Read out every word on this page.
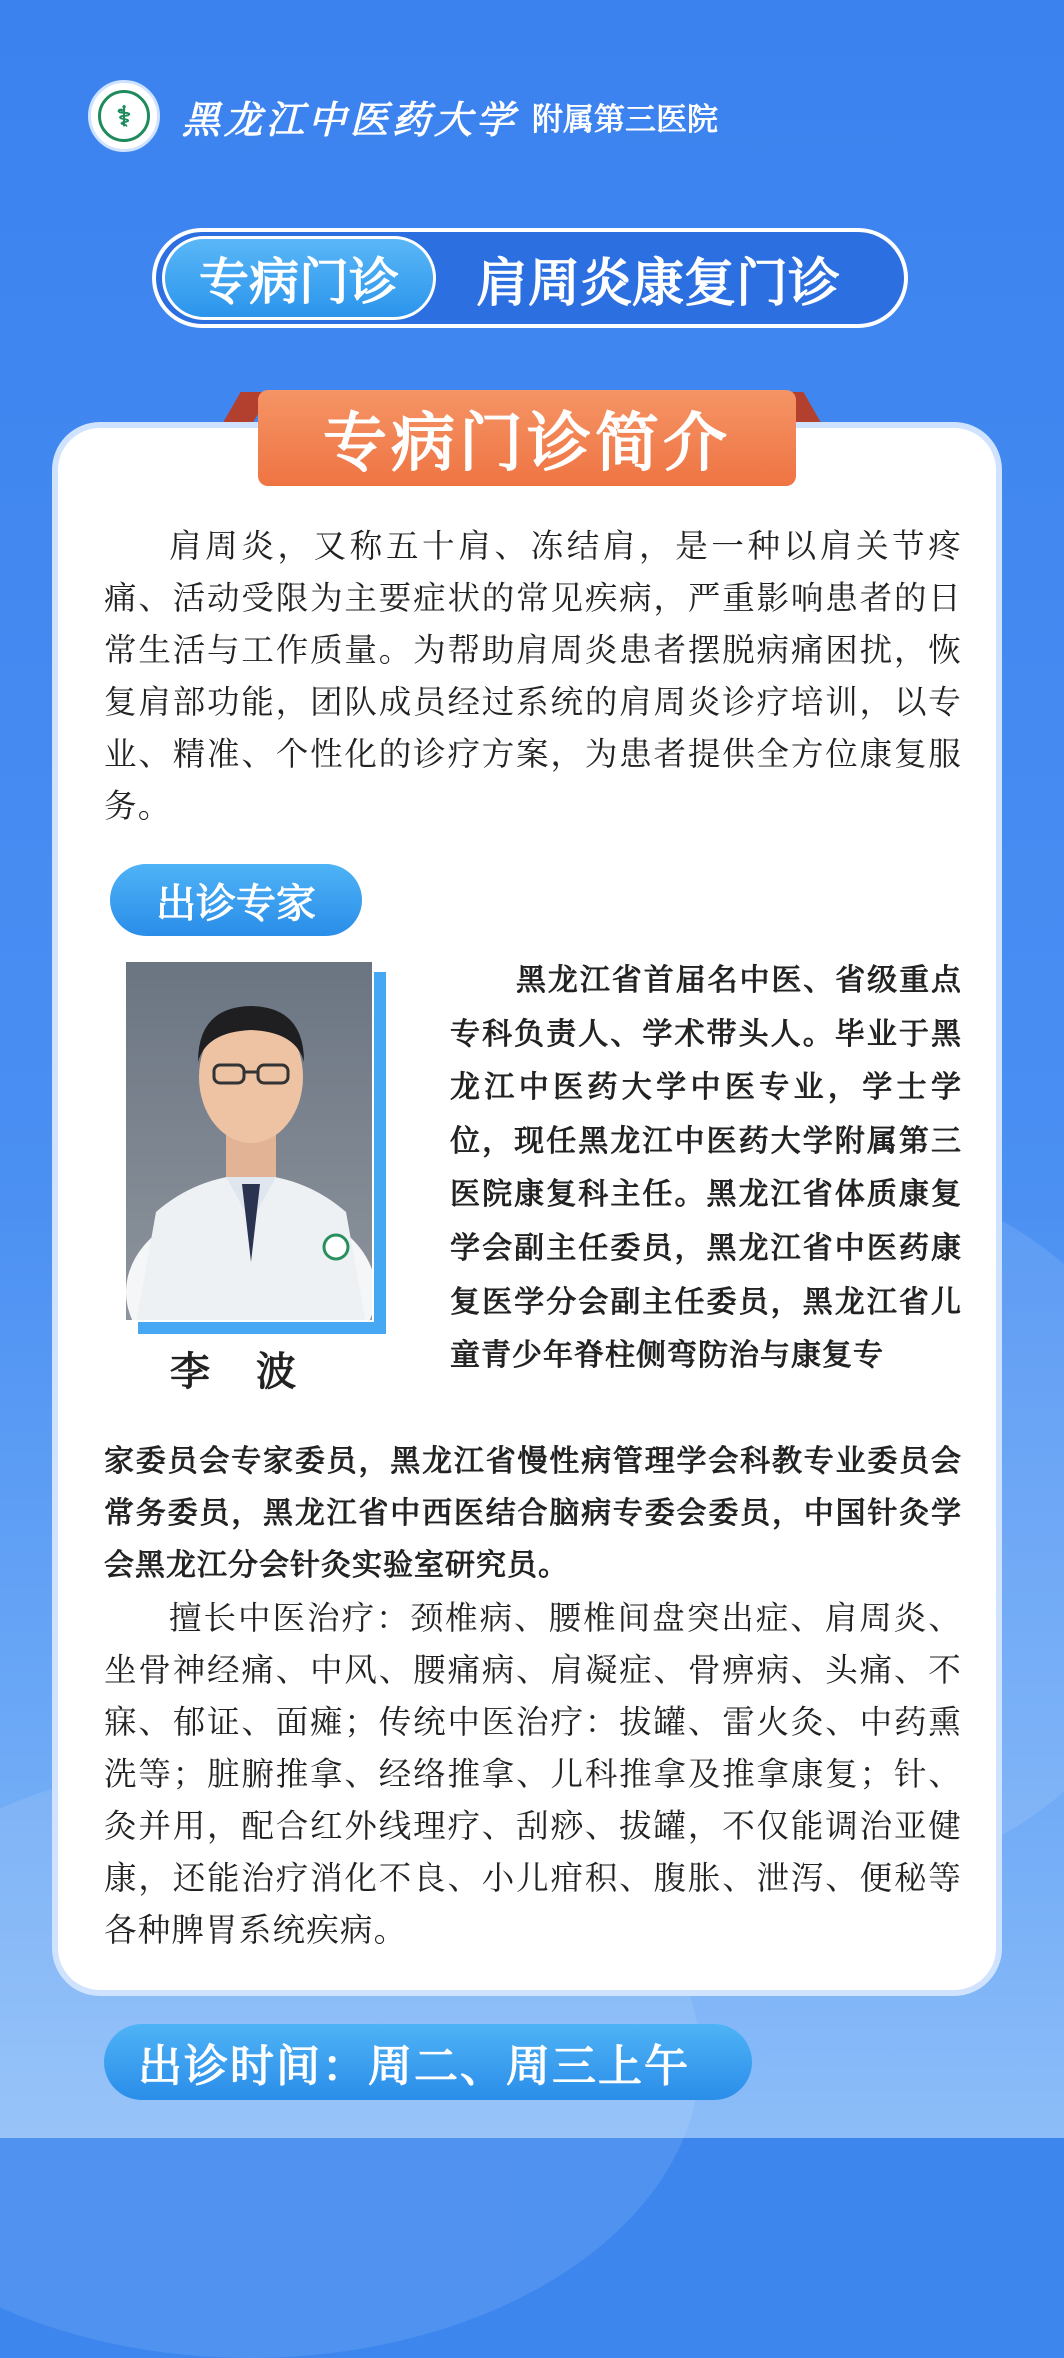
⚕ 黑龙江中医药大学 附属第三医院
专病门诊	肩周炎康复门诊
专病门诊简介

肩周炎，又称五十肩、冻结肩，是一种以肩关节疼痛、活动受限为主要症状的常见疾病，严重影响患者的日常生活与工作质量。为帮助肩周炎患者摆脱病痛困扰，恢复肩部功能，团队成员经过系统的肩周炎诊疗培训，以专业、精准、个性化的诊疗方案，为患者提供全方位康复服务。

出诊专家
李波

黑龙江省首届名中医、省级重点专科负责人、学术带头人。毕业于黑龙江中医药大学中医专业，学士学位，现任黑龙江中医药大学附属第三医院康复科主任。黑龙江省体质康复学会副主任委员，黑龙江省中医药康复医学分会副主任委员，黑龙江省儿童青少年脊柱侧弯防治与康复专

家委员会专家委员，黑龙江省慢性病管理学会科教专业委员会常务委员，黑龙江省中西医结合脑病专委会委员，中国针灸学会黑龙江分会针灸实验室研究员。

擅长中医治疗：颈椎病、腰椎间盘突出症、肩周炎、坐骨神经痛、中风、腰痛病、肩凝症、骨痹病、头痛、不寐、郁证、面瘫；传统中医治疗：拔罐、雷火灸、中药熏洗等；脏腑推拿、经络推拿、儿科推拿及推拿康复；针、灸并用，配合红外线理疗、刮痧、拔罐，不仅能调治亚健康，还能治疗消化不良、小儿疳积、腹胀、泄泻、便秘等各种脾胃系统疾病。

出诊时间：周二、周三上午
